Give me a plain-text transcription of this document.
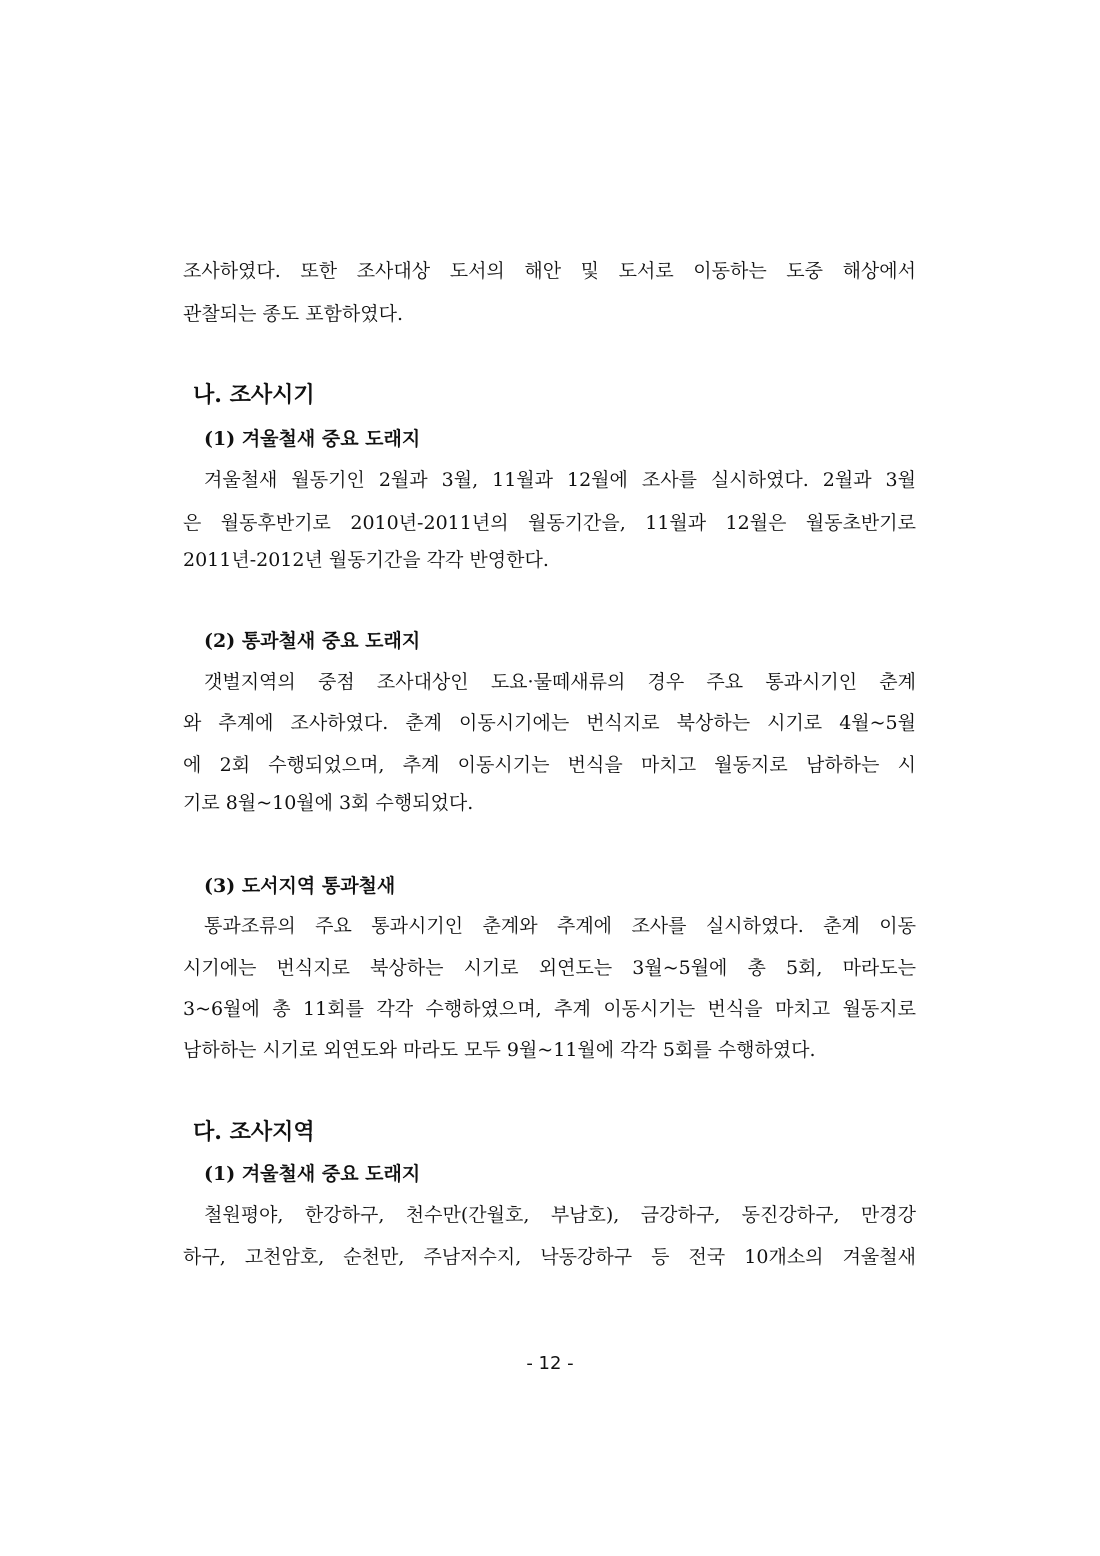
조사하였다. 또한 조사대상 도서의 해안 및 도서로 이동하는 도중 해상에서
관찰되는 종도 포함하였다.
나. 조사시기
(1) 겨울철새 중요 도래지
겨울철새 월동기인 2월과 3월, 11월과 12월에 조사를 실시하였다. 2월과 3월
은 월동후반기로 2010년-2011년의 월동기간을, 11월과 12월은 월동초반기로
2011년-2012년 월동기간을 각각 반영한다.
(2) 통과철새 중요 도래지
갯벌지역의 중점 조사대상인 도요·물떼새류의 경우 주요 통과시기인 춘계
와 추계에 조사하였다. 춘계 이동시기에는 번식지로 북상하는 시기로 4월~5월
에 2회 수행되었으며, 추계 이동시기는 번식을 마치고 월동지로 남하하는 시
기로 8월~10월에 3회 수행되었다.
(3) 도서지역 통과철새
통과조류의 주요 통과시기인 춘계와 추계에 조사를 실시하였다. 춘계 이동
시기에는 번식지로 북상하는 시기로 외연도는 3월~5월에 총 5회, 마라도는
3~6월에 총 11회를 각각 수행하였으며, 추계 이동시기는 번식을 마치고 월동지로
남하하는 시기로 외연도와 마라도 모두 9월~11월에 각각 5회를 수행하였다.
다. 조사지역
(1) 겨울철새 중요 도래지
철원평야, 한강하구, 천수만(간월호, 부남호), 금강하구, 동진강하구, 만경강
하구, 고천암호, 순천만, 주남저수지, 낙동강하구 등 전국 10개소의 겨울철새
- 12 -
